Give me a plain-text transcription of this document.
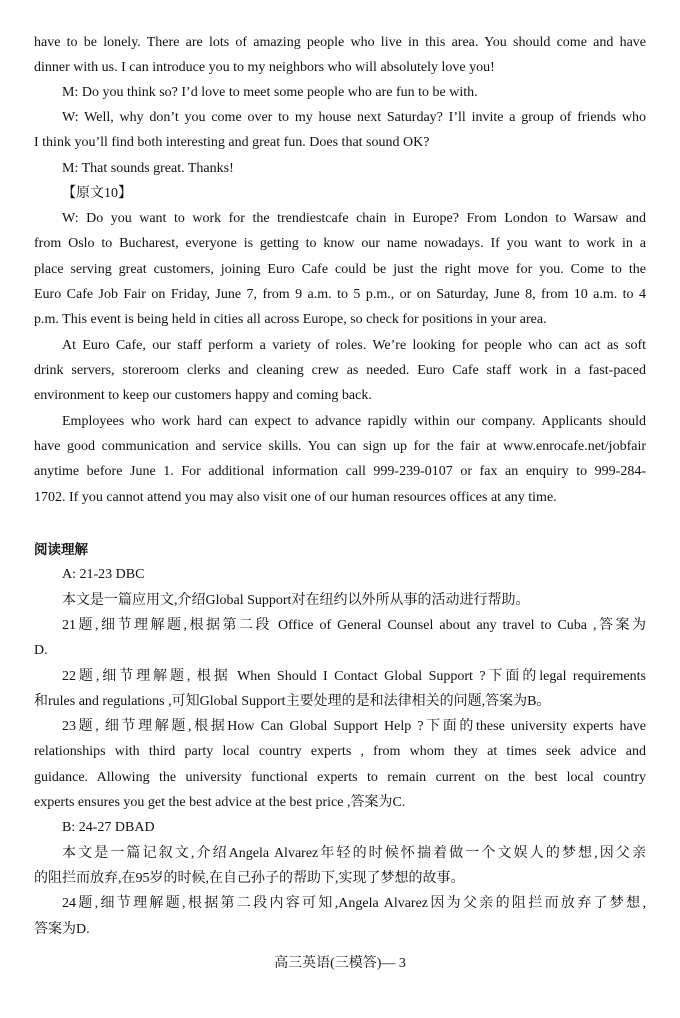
have to be lonely. There are lots of amazing people who live in this area. You should come and have
dinner with us. I can introduce you to my neighbors who will absolutely love you!
M: Do you think so? I’d love to meet some people who are fun to be with.
W: Well, why don’t you come over to my house next Saturday? I’ll invite a group of friends who
I think you’ll find both interesting and great fun. Does that sound OK?
M: That sounds great. Thanks!
【原文10】
W: Do you want to work for the trendiestcafe chain in Europe? From London to Warsaw and
from Oslo to Bucharest, everyone is getting to know our name nowadays. If you want to work in a
place serving great customers, joining Euro Cafe could be just the right move for you. Come to the
Euro Cafe Job Fair on Friday, June 7, from 9 a.m. to 5 p.m., or on Saturday, June 8, from 10 a.m. to 4
p.m. This event is being held in cities all across Europe, so check for positions in your area.
At Euro Cafe, our staff perform a variety of roles. We’re looking for people who can act as soft
drink servers, storeroom clerks and cleaning crew as needed. Euro Cafe staff work in a fast-paced
environment to keep our customers happy and coming back.
Employees who work hard can expect to advance rapidly within our company. Applicants should
have good communication and service skills. You can sign up for the fair at www.enrocafe.net/jobfair
anytime before June 1. For additional information call 999-239-0107 or fax an enquiry to 999-284-
1702. If you cannot attend you may also visit one of our human resources offices at any time.
阅读理解
A: 21-23 DBC
本文是一篇应用文,介绍Global Support对在纽约以外所从事的活动进行帮助。
21题,细节理解题,根据第二段 Office of General Counsel about any travel to Cuba ,答案为
D.
22题,细节理解题, 根据 When Should I Contact Global Support ?下面的legal requirements
和rules and regulations ,可知Global Support主要处理的是和法律相关的问题,答案为B。
23题, 细节理解题,根据How Can Global Support Help ?下面的these university experts have
relationships with third party local country experts , from whom they at times seek advice and
guidance. Allowing the university functional experts to remain current on the best local country
experts ensures you get the best advice at the best price ,答案为C.
B: 24-27 DBAD
本文是一篇记叙文,介绍Angela Alvarez年轻的时候怀揣着做一个文娱人的梦想,因父亲
的阻拦而放弃,在95岁的时候,在自己孙子的帮助下,实现了梦想的故事。
24题,细节理解题,根据第二段内容可知,Angela Alvarez因为父亲的阻拦而放弃了梦想,
答案为D.
高三英语(三模答)— 3
